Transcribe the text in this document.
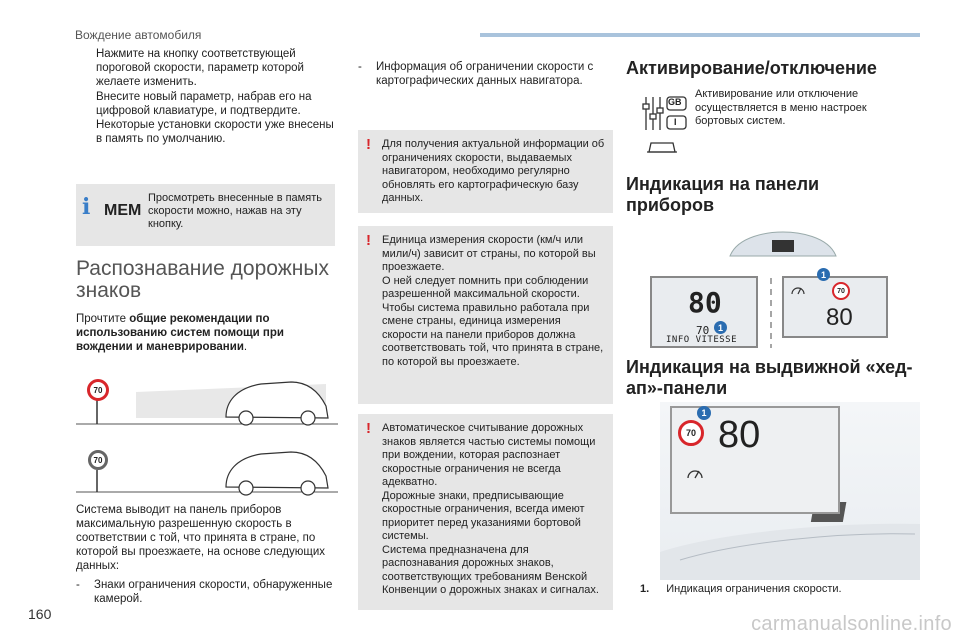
Вождение автомобиля
Нажмите на кнопку соответствующей пороговой скорости, параметр которой желаете изменить.
Внесите новый параметр, набрав его на цифровой клавиатуре, и подтвердите.
Некоторые установки скорости уже внесены в память по умолчанию.
i MEM
Просмотреть внесенные в память скорости можно, нажав на эту кнопку.
Распознавание дорожных знаков
Прочтите общие рекомендации по использованию систем помощи при вождении и маневрировании.
70
70
Система выводит на панель приборов максимальную разрешенную скорость в соответствии с той, что принята в стране, по которой вы проезжаете, на основе следующих данных:
-	Знаки ограничения скорости, обнаруженные камерой.
-	Информация об ограничении скорости с картографических данных навигатора.
! Для получения актуальной информации об ограничениях скорости, выдаваемых навигатором, необходимо регулярно обновлять его картографическую базу данных.
! Единица измерения скорости (км/ч или мили/ч) зависит от страны, по которой вы проезжаете.
О ней следует помнить при соблюдении разрешенной максимальной скорости.
Чтобы система правильно работала при смене страны, единица измерения скорости на панели приборов должна соответствовать той, что принята в стране, по которой вы проезжаете.
! Автоматическое считывание дорожных знаков является частью системы помощи при вождении, которая распознает скоростные ограничения не всегда адекватно.
Дорожные знаки, предписывающие скоростные ограничения, всегда имеют приоритет перед указаниями бортовой системы.
Система предназначена для распознавания дорожных знаков, соответствующих требованиям Венской Конвенции о дорожных знаках и сигналах.
Активирование/отключение
GB
I
Активирование или отключение осуществляется в меню настроек бортовых систем.
Индикация на панели приборов
80
70
INFO VITESSE
1
70
80
1
Индикация на выдвижной «хед-ап»-панели
70 80
1
1. Индикация ограничения скорости.
160	carmanualsonline.info
